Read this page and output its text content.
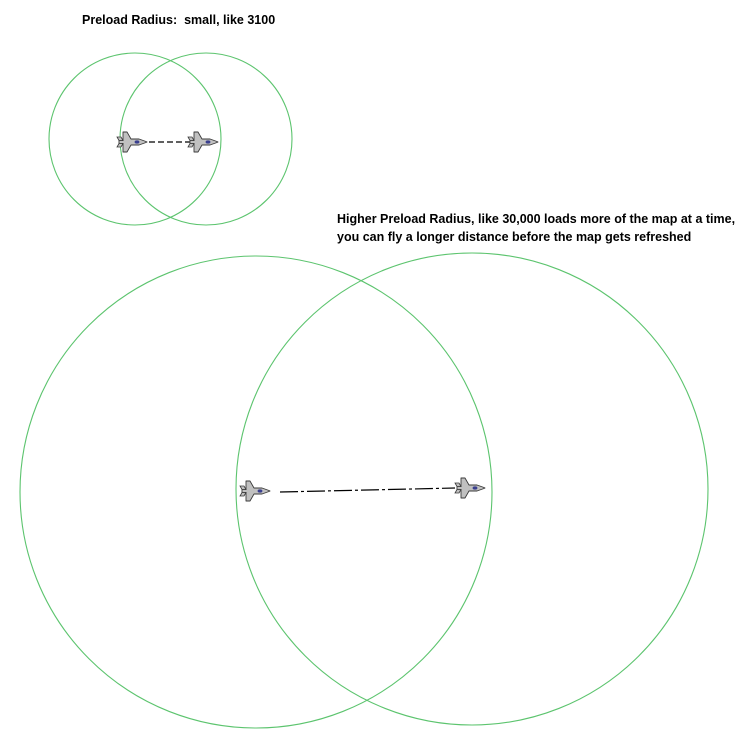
Preload Radius:  small, like 3100
Higher Preload Radius, like 30,000 loads more of the map at a time,
you can fly a longer distance before the map gets refreshed
